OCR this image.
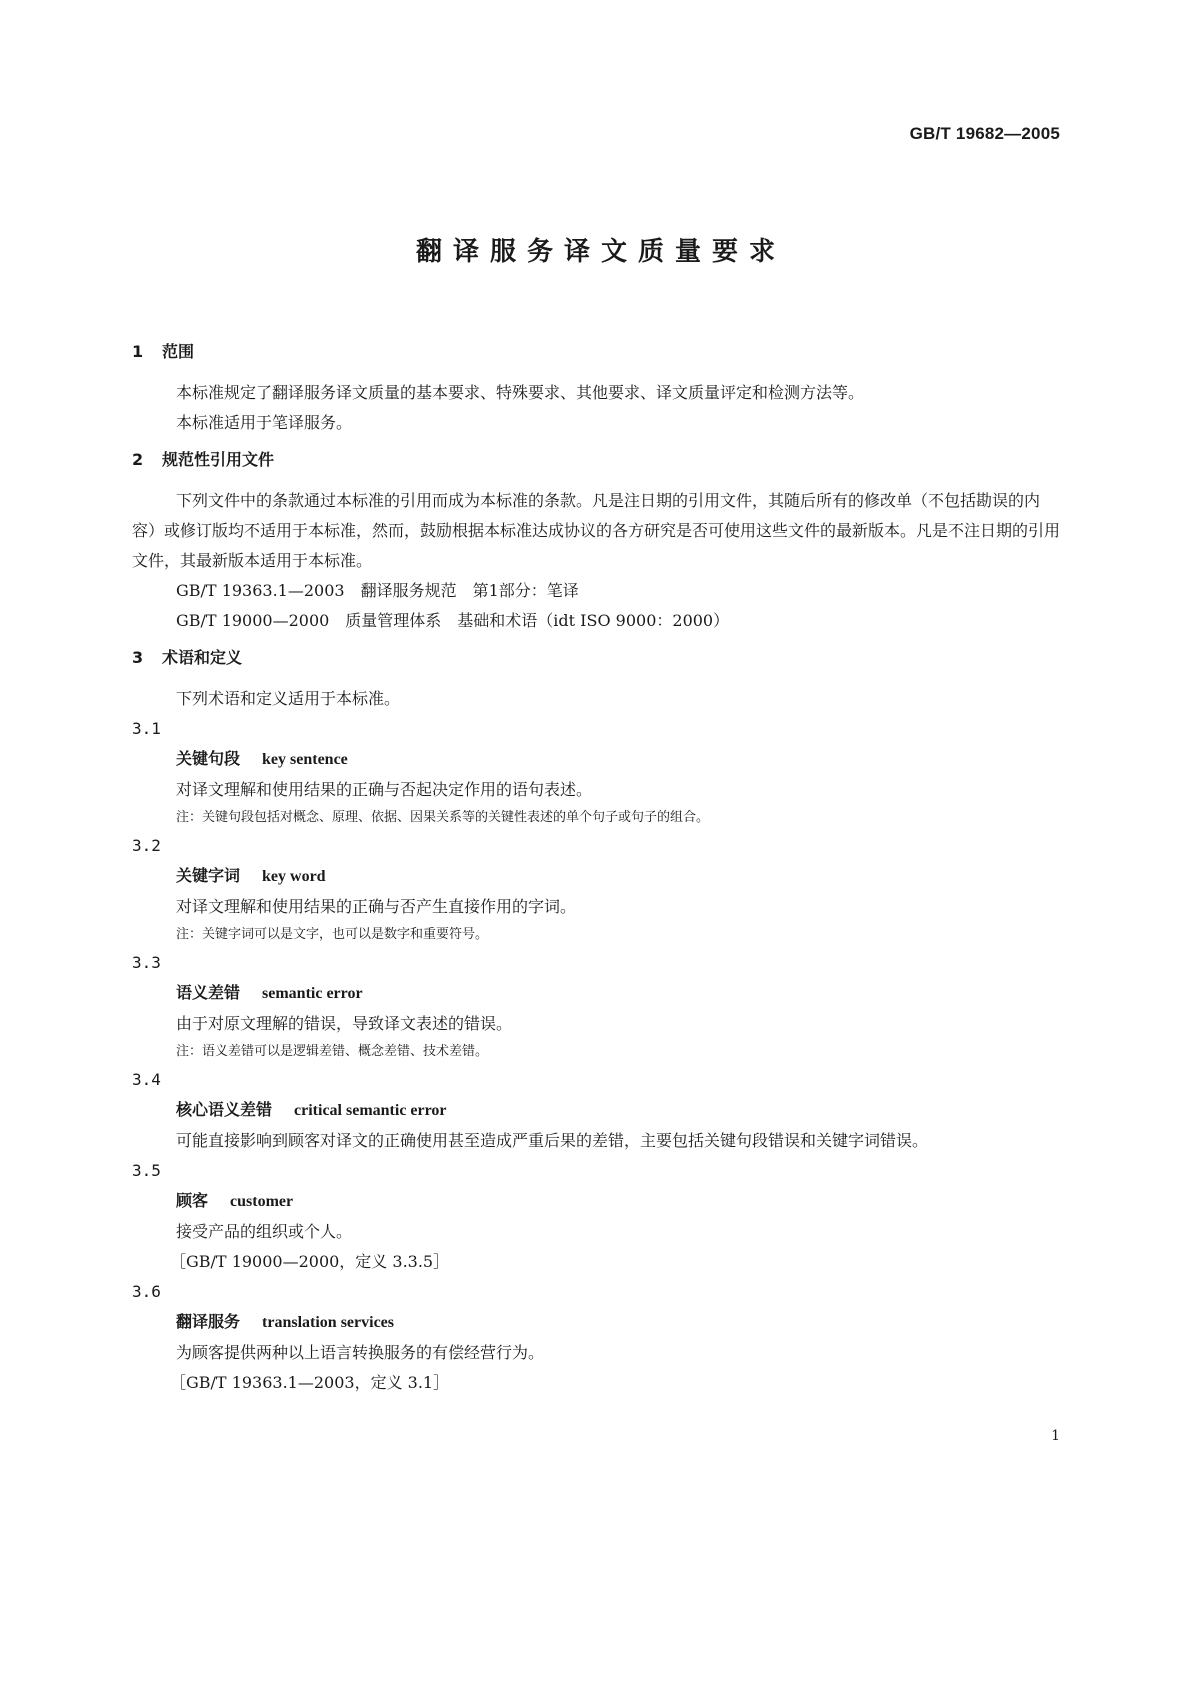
GB/T 19682—2005
翻译服务译文质量要求
1 范围

本标准规定了翻译服务译文质量的基本要求、特殊要求、其他要求、译文质量评定和检测方法等。

本标准适用于笔译服务。

2 规范性引用文件

下列文件中的条款通过本标准的引用而成为本标准的条款。凡是注日期的引用文件，其随后所有的修改单（不包括勘误的内容）或修订版均不适用于本标准，然而，鼓励根据本标准达成协议的各方研究是否可使用这些文件的最新版本。凡是不注日期的引用文件，其最新版本适用于本标准。

GB/T 19363.1—2003　翻译服务规范　第1部分：笔译

GB/T 19000—2000　质量管理体系　基础和术语（idt ISO 9000：2000）

3 术语和定义

下列术语和定义适用于本标准。

3.1

关键句段 key sentence

对译文理解和使用结果的正确与否起决定作用的语句表述。

注：关键句段包括对概念、原理、依据、因果关系等的关键性表述的单个句子或句子的组合。

3.2

关键字词 key word

对译文理解和使用结果的正确与否产生直接作用的字词。

注：关键字词可以是文字，也可以是数字和重要符号。

3.3

语义差错 semantic error

由于对原文理解的错误，导致译文表述的错误。

注：语义差错可以是逻辑差错、概念差错、技术差错。

3.4

核心语义差错 critical semantic error

可能直接影响到顾客对译文的正确使用甚至造成严重后果的差错，主要包括关键句段错误和关键字词错误。

3.5

顾客 customer

接受产品的组织或个人。

［GB/T 19000—2000，定义 3.3.5］

3.6

翻译服务 translation services

为顾客提供两种以上语言转换服务的有偿经营行为。

［GB/T 19363.1—2003，定义 3.1］

1
